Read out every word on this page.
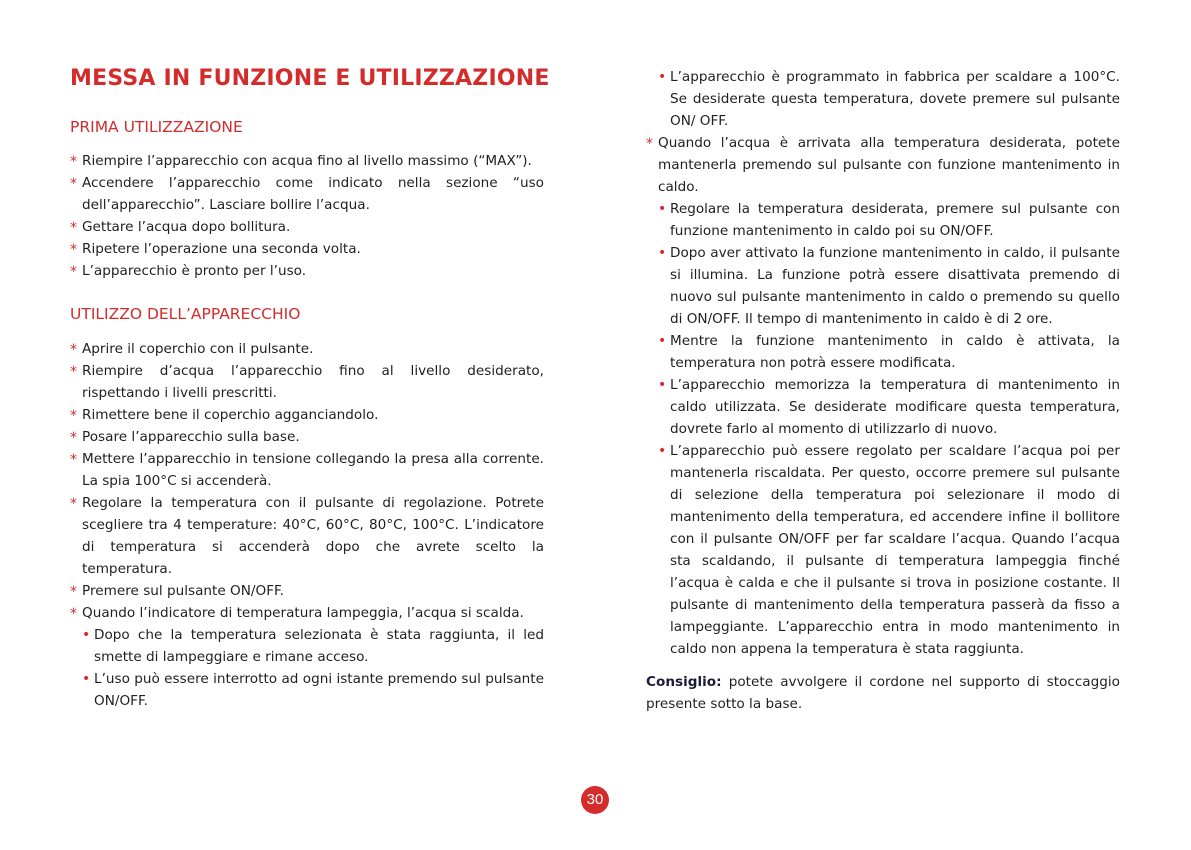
MESSA IN FUNZIONE E UTILIZZAZIONE
PRIMA UTILIZZAZIONE
* Riempire l’apparecchio con acqua fino al livello massimo (“MAX”).
* Accendere l’apparecchio come indicato nella sezione “uso dell’apparecchio”. Lasciare bollire l’acqua.
* Gettare l’acqua dopo bollitura.
* Ripetere l’operazione una seconda volta.
* L’apparecchio è pronto per l’uso.
UTILIZZO DELL’APPARECCHIO
* Aprire il coperchio con il pulsante.
* Riempire d’acqua l’apparecchio fino al livello desiderato, rispettando i livelli prescritti.
* Rimettere bene il coperchio agganciandolo.
* Posare l’apparecchio sulla base.
* Mettere l’apparecchio in tensione collegando la presa alla corrente. La spia 100°C si accenderà.
* Regolare la temperatura con il pulsante di regolazione. Potrete scegliere tra 4 temperature: 40°C, 60°C, 80°C, 100°C. L’indicatore di temperatura si accenderà dopo che avrete scelto la temperatura.
* Premere sul pulsante ON/OFF.
* Quando l’indicatore di temperatura lampeggia, l’acqua si scalda.
• Dopo che la temperatura selezionata è stata raggiunta, il led smette di lampeggiare e rimane acceso.
• L’uso può essere interrotto ad ogni istante premendo sul pulsante ON/OFF.
• L’apparecchio è programmato in fabbrica per scaldare a 100°C. Se desiderate questa temperatura, dovete premere sul pulsante ON/ OFF.
* Quando l’acqua è arrivata alla temperatura desiderata, potete mantenerla premendo sul pulsante con funzione mantenimento in caldo.
• Regolare la temperatura desiderata, premere sul pulsante con funzione mantenimento in caldo poi su ON/OFF.
• Dopo aver attivato la funzione mantenimento in caldo, il pulsante si illumina. La funzione potrà essere disattivata premendo di nuovo sul pulsante mantenimento in caldo o premendo su quello di ON/OFF. Il tempo di mantenimento in caldo è di 2 ore.
• Mentre la funzione mantenimento in caldo è attivata, la temperatura non potrà essere modificata.
• L’apparecchio memorizza la temperatura di mantenimento in caldo utilizzata. Se desiderate modificare questa temperatura, dovrete farlo al momento di utilizzarlo di nuovo.
• L’apparecchio può essere regolato per scaldare l’acqua poi per mantenerla riscaldata. Per questo, occorre premere sul pulsante di selezione della temperatura poi selezionare il modo di mantenimento della temperatura, ed accendere infine il bollitore con il pulsante ON/OFF per far scaldare l’acqua. Quando l’acqua sta scaldando, il pulsante di temperatura lampeggia finché l’acqua è calda e che il pulsante si trova in posizione costante. Il pulsante di mantenimento della temperatura passerà da fisso a lampeggiante. L’apparecchio entra in modo mantenimento in caldo non appena la temperatura è stata raggiunta.

Consiglio: potete avvolgere il cordone nel supporto di stoccaggio presente sotto la base.

30
